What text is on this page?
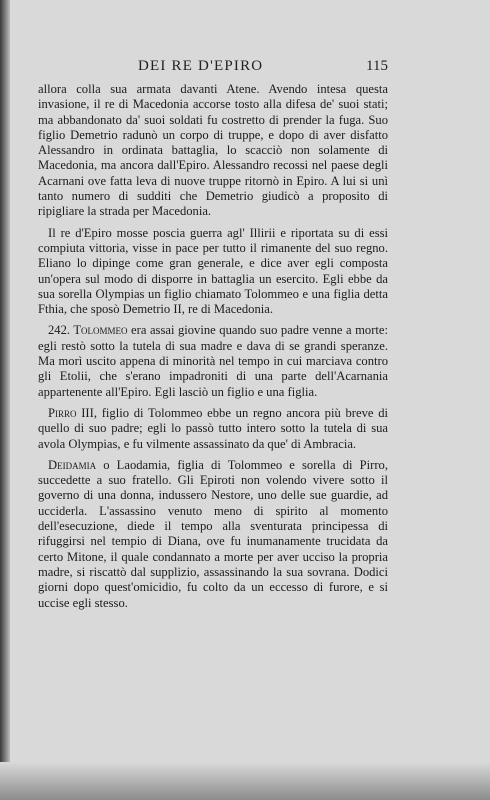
DEI RE D'EPIRO	115

allora colla sua armata davanti Atene. Avendo intesa questa invasione, il re di Macedonia accorse tosto alla difesa de' suoi stati; ma abbandonato da' suoi soldati fu costretto di prender la fuga. Suo figlio Demetrio radunò un corpo di truppe, e dopo di aver disfatto Alessandro in ordinata battaglia, lo scacciò non solamente di Macedonia, ma ancora dall'Epiro. Alessandro recossi nel paese degli Acarnani ove fatta leva di nuove truppe ritornò in Epiro. A lui si unì tanto numero di sudditi che Demetrio giudicò a proposito di ripigliare la strada per Macedonia.

Il re d'Epiro mosse poscia guerra agl' Illirii e riportata su di essi compiuta vittoria, visse in pace per tutto il rimanente del suo regno. Eliano lo dipinge come gran generale, e dice aver egli composta un'opera sul modo di disporre in battaglia un esercito. Egli ebbe da sua sorella Olympias un figlio chiamato Tolommeo e una figlia detta Fthia, che sposò Demetrio II, re di Macedonia.

242. Tolommeo era assai giovine quando suo padre venne a morte: egli restò sotto la tutela di sua madre e dava di se grandi speranze. Ma morì uscito appena di minorità nel tempo in cui marciava contro gli Etolii, che s'erano impadroniti di una parte dell'Acarnania appartenente all'Epiro. Egli lasciò un figlio e una figlia.

Pirro III, figlio di Tolommeo ebbe un regno ancora più breve di quello di suo padre; egli lo passò tutto intero sotto la tutela di sua avola Olympias, e fu vilmente assassinato da que' di Ambracia.

Deidamia o Laodamia, figlia di Tolommeo e sorella di Pirro, succedette a suo fratello. Gli Epiroti non volendo vivere sotto il governo di una donna, indussero Nestore, uno delle sue guardie, ad ucciderla. L'assassino venuto meno di spirito al momento dell'esecuzione, diede il tempo alla sventurata principessa di rifuggirsi nel tempio di Diana, ove fu inumanamente trucidata da certo Mitone, il quale condannato a morte per aver ucciso la propria madre, si riscattò dal supplizio, assassinando la sua sovrana. Dodici giorni dopo quest'omicidio, fu colto da un eccesso di furore, e si uccise egli stesso.
